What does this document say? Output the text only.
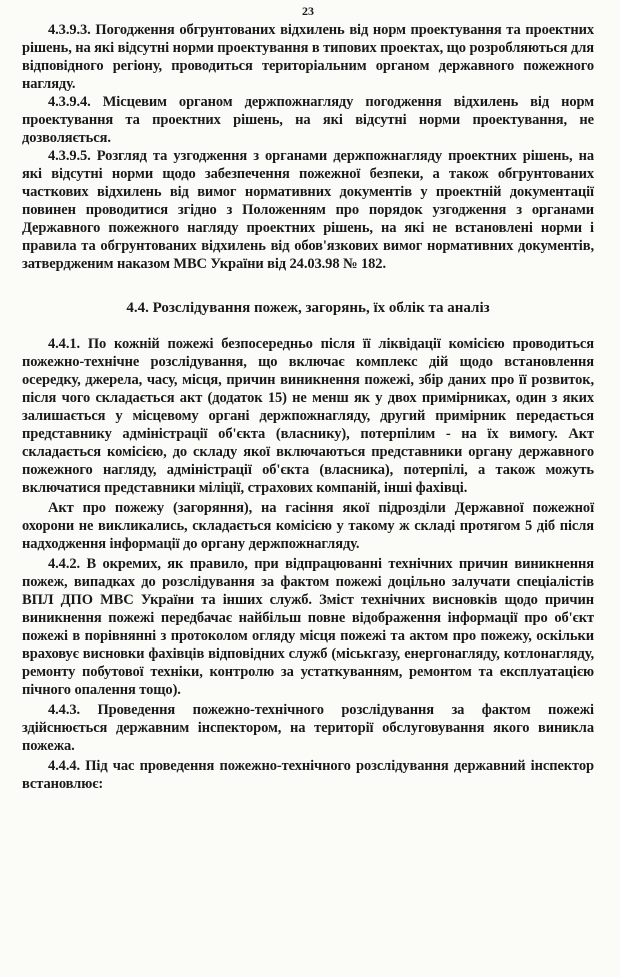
23

4.3.9.3. Погодження обгрунтованих відхилень від норм проектування та проектних рішень, на які відсутні норми проектування в типових проектах, що розробляються для відповідного регіону, проводиться територіальним органом державного пожежного нагляду.

4.3.9.4. Місцевим органом держпожнагляду погодження відхилень від норм проектування та проектних рішень, на які відсутні норми проектування, не дозволяється.

4.3.9.5. Розгляд та узгодження з органами держпожнагляду проектних рішень, на які відсутні норми щодо забезпечення пожежної безпеки, а також обгрунтованих часткових відхилень від вимог нормативних документів у проектній документації повинен проводитися згідно з Положенням про порядок узгодження з органами Державного пожежного нагляду проектних рішень, на які не встановлені норми і правила та обгрунтованих відхилень від обов'язкових вимог нормативних документів, затвердженим наказом МВС України від 24.03.98 № 182.

4.4. Розслідування пожеж, загорянь, їх облік та аналіз

4.4.1. По кожній пожежі безпосередньо після її ліквідації комісією проводиться пожежно-технічне розслідування, що включає комплекс дій щодо встановлення осередку, джерела, часу, місця, причин виникнення пожежі, збір даних про її розвиток, після чого складається акт (додаток 15) не менш як у двох примірниках, один з яких залишається у місцевому органі держпожнагляду, другий примірник передається представнику адміністрації об'єкта (власнику), потерпілим - на їх вимогу. Акт складається комісією, до складу якої включаються представники органу державного пожежного нагляду, адміністрації об'єкта (власника), потерпілі, а також можуть включатися представники міліції, страхових компаній, інші фахівці.

Акт про пожежу (загоряння), на гасіння якої підрозділи Державної пожежної охорони не викликались, складається комісією у такому ж складі протягом 5 діб після надходження інформації до органу держпожнагляду.

4.4.2. В окремих, як правило, при відпрацюванні технічних причин виникнення пожеж, випадках до розслідування за фактом пожежі доцільно залучати спеціалістів ВПЛ ДПО МВС України та інших служб. Зміст технічних висновків щодо причин виникнення пожежі передбачає найбільш повне відображення інформації про об'єкт пожежі в порівнянні з протоколом огляду місця пожежі та актом про пожежу, оскільки враховує висновки фахівців відповідних служб (міськгазу, енергонагляду, котлонагляду, ремонту побутової техніки, контролю за устаткуванням, ремонтом та експлуатацією пічного опалення тощо).

4.4.3. Проведення пожежно-технічного розслідування за фактом пожежі здійснюється державним інспектором, на території обслуговування якого виникла пожежа.

4.4.4. Під час проведення пожежно-технічного розслідування державний інспектор встановлює:
